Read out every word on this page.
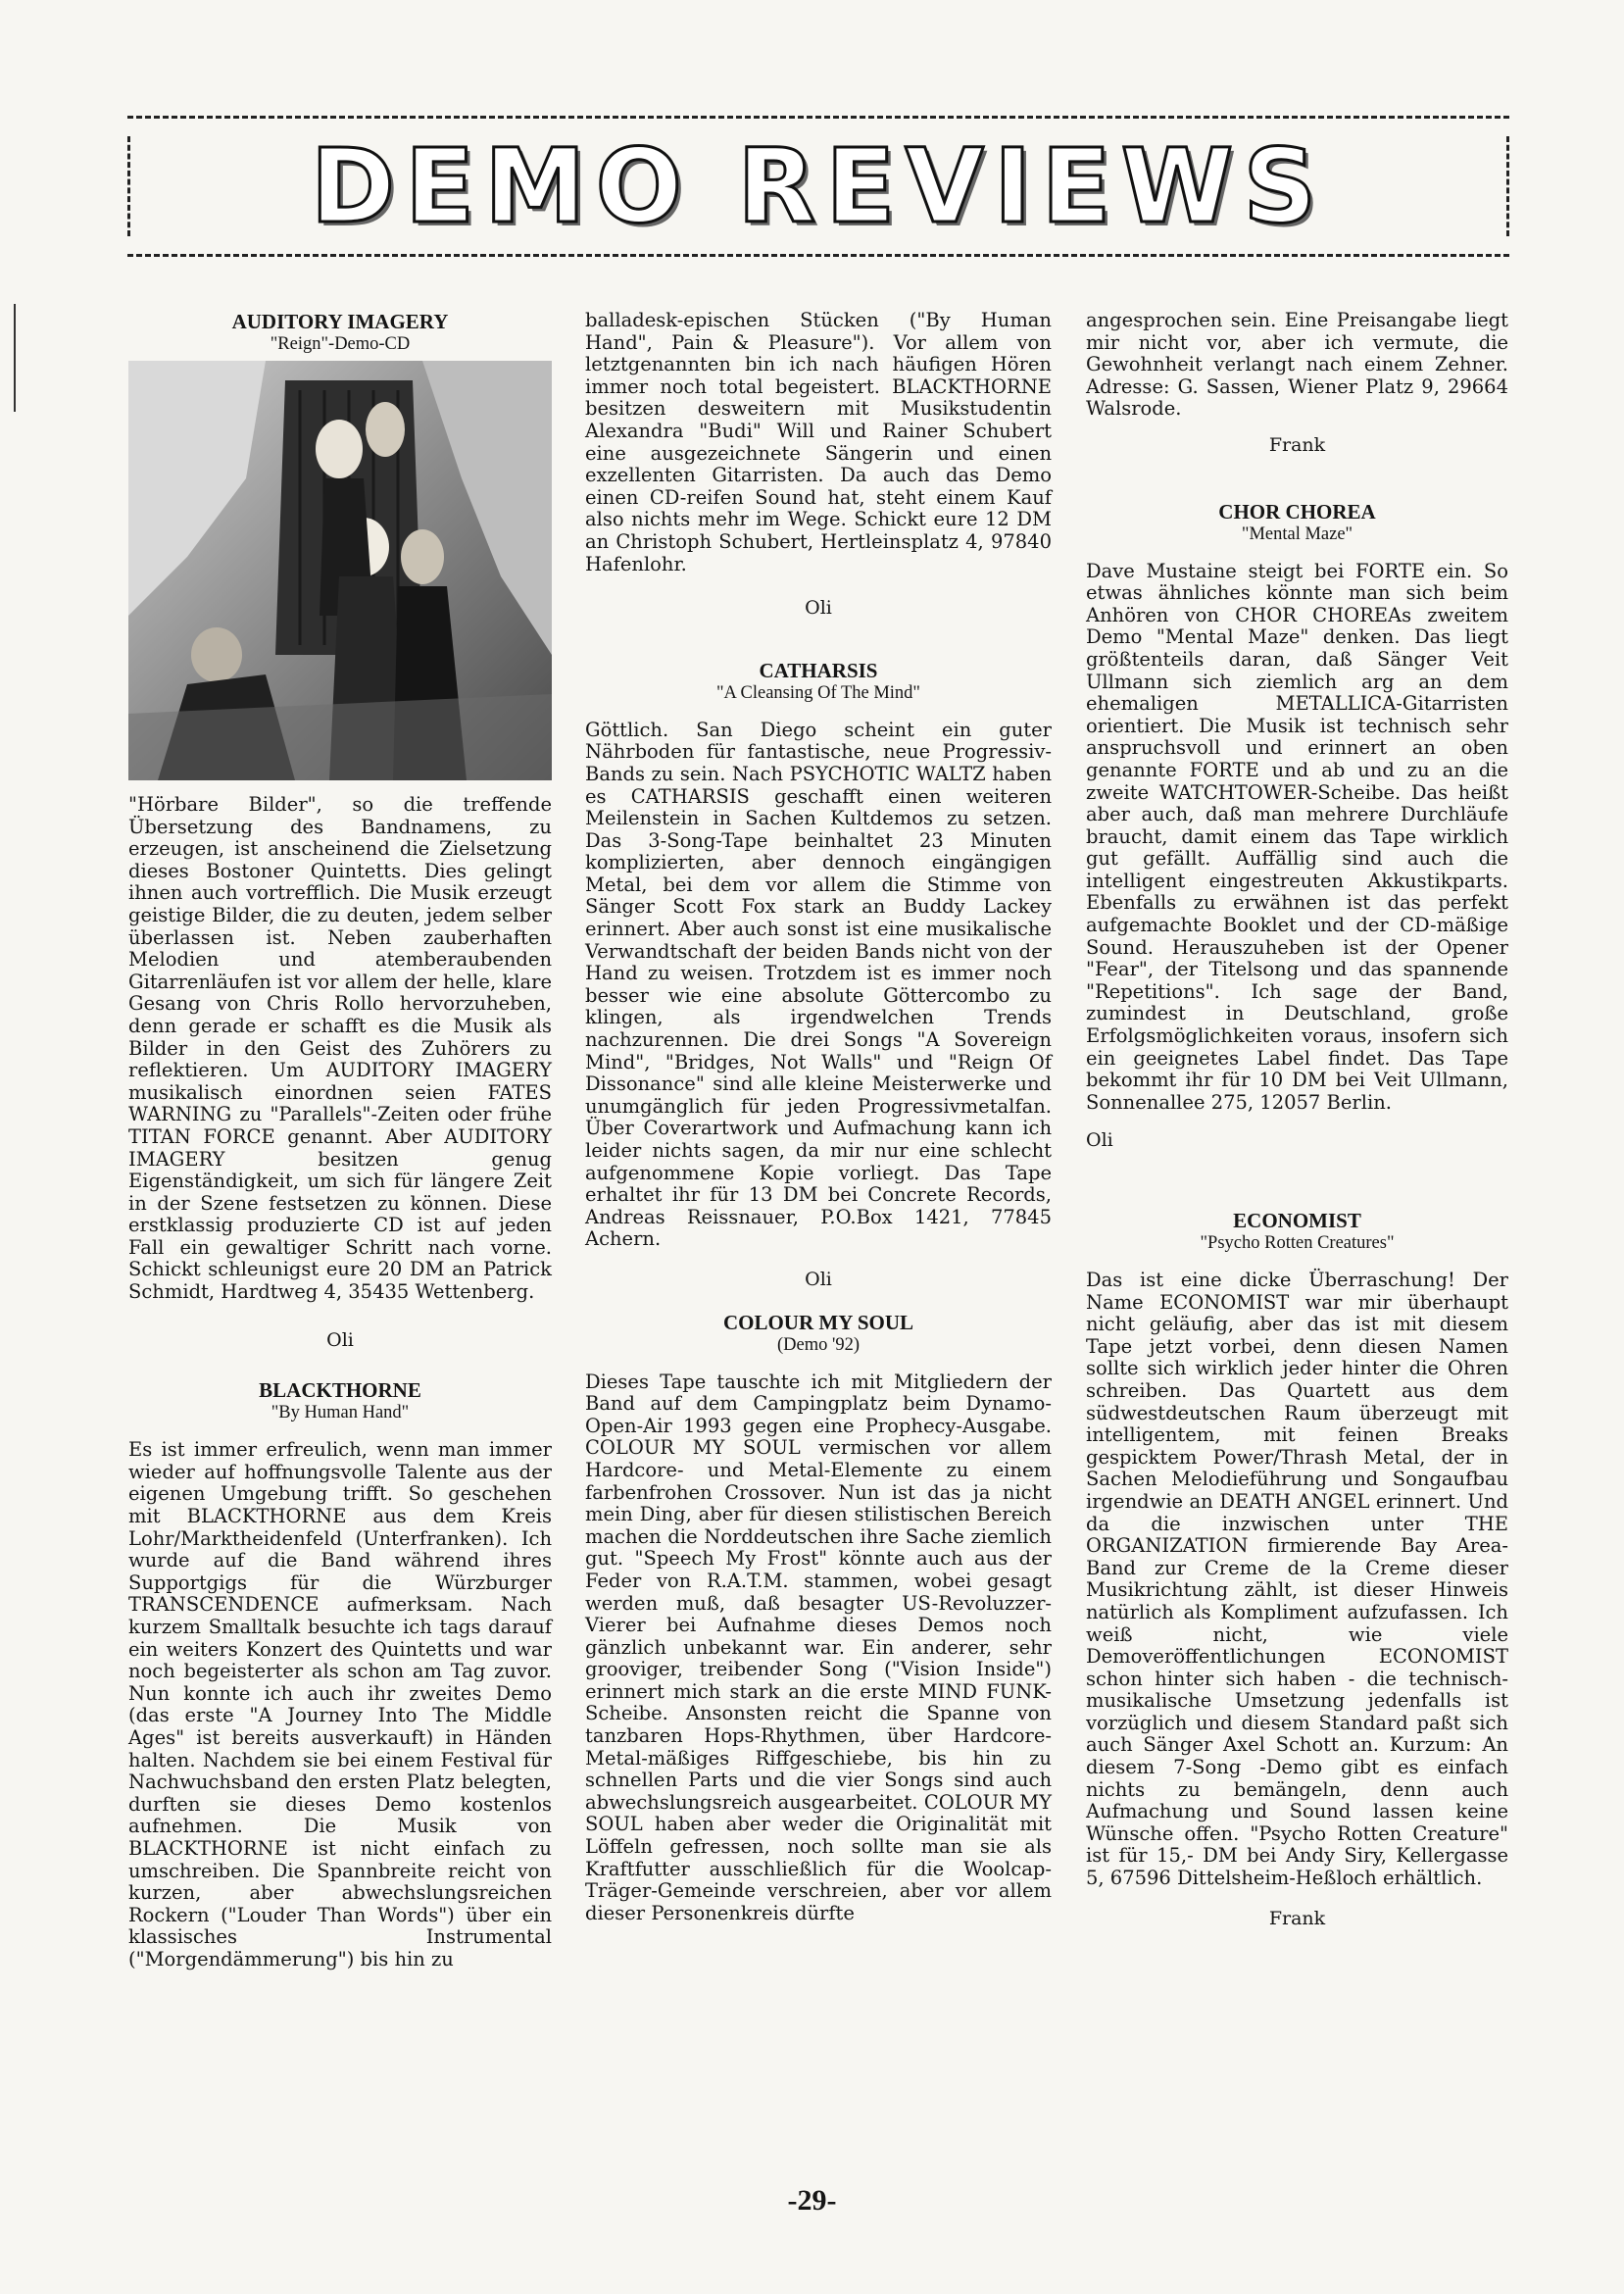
DEMO REVIEWS
AUDITORY IMAGERY
"Reign"-Demo-CD

"Hörbare Bilder", so die treffende Übersetzung des Bandnamens, zu erzeugen, ist anscheinend die Zielsetzung dieses Bostoner Quintetts. Dies gelingt ihnen auch vortrefflich. Die Musik erzeugt geistige Bilder, die zu deuten, jedem selber überlassen ist. Neben zauberhaften Melodien und atemberaubenden Gitarrenläufen ist vor allem der helle, klare Gesang von Chris Rollo hervorzuheben, denn gerade er schafft es die Musik als Bilder in den Geist des Zuhörers zu reflektieren. Um AUDITORY IMAGERY musikalisch einordnen seien FATES WARNING zu "Parallels"-Zeiten oder frühe TITAN FORCE genannt. Aber AUDITORY IMAGERY besitzen genug Eigenständigkeit, um sich für längere Zeit in der Szene festsetzen zu können. Diese erstklassig produzierte CD ist auf jeden Fall ein gewaltiger Schritt nach vorne. Schickt schleunigst eure 20 DM an Patrick Schmidt, Hardtweg 4, 35435 Wettenberg.

Oli
BLACKTHORNE
"By Human Hand"

Es ist immer erfreulich, wenn man immer wieder auf hoffnungsvolle Talente aus der eigenen Umgebung trifft. So geschehen mit BLACKTHORNE aus dem Kreis Lohr/Marktheidenfeld (Unterfranken). Ich wurde auf die Band während ihres Supportgigs für die Würzburger TRANSCENDENCE aufmerksam. Nach kurzem Smalltalk besuchte ich tags darauf ein weiters Konzert des Quintetts und war noch begeisterter als schon am Tag zuvor. Nun konnte ich auch ihr zweites Demo (das erste "A Journey Into The Middle Ages" ist bereits ausverkauft) in Händen halten. Nachdem sie bei einem Festival für Nachwuchsband den ersten Platz belegten, durften sie dieses Demo kostenlos aufnehmen. Die Musik von BLACKTHORNE ist nicht einfach zu umschreiben. Die Spannbreite reicht von kurzen, aber abwechslungsreichen Rockern ("Louder Than Words") über ein klassisches Instrumental ("Morgendämmerung") bis hin zu

balladesk-epischen Stücken ("By Human Hand", Pain & Pleasure"). Vor allem von letztgenannten bin ich nach häufigen Hören immer noch total begeistert. BLACKTHORNE besitzen desweitern mit Musikstudentin Alexandra "Budi" Will und Rainer Schubert eine ausgezeichnete Sängerin und einen exzellenten Gitarristen. Da auch das Demo einen CD-reifen Sound hat, steht einem Kauf also nichts mehr im Wege. Schickt eure 12 DM an Christoph Schubert, Hertleinsplatz 4, 97840 Hafenlohr.

Oli
CATHARSIS
"A Cleansing Of The Mind"

Göttlich. San Diego scheint ein guter Nährboden für fantastische, neue Progressiv-Bands zu sein. Nach PSYCHOTIC WALTZ haben es CATHARSIS geschafft einen weiteren Meilenstein in Sachen Kultdemos zu setzen. Das 3-Song-Tape beinhaltet 23 Minuten komplizierten, aber dennoch eingängigen Metal, bei dem vor allem die Stimme von Sänger Scott Fox stark an Buddy Lackey erinnert. Aber auch sonst ist eine musikalische Verwandtschaft der beiden Bands nicht von der Hand zu weisen. Trotzdem ist es immer noch besser wie eine absolute Göttercombo zu klingen, als irgendwelchen Trends nachzurennen. Die drei Songs "A Sovereign Mind", "Bridges, Not Walls" und "Reign Of Dissonance" sind alle kleine Meisterwerke und unumgänglich für jeden Progressivmetalfan. Über Coverartwork und Aufmachung kann ich leider nichts sagen, da mir nur eine schlecht aufgenommene Kopie vorliegt. Das Tape erhaltet ihr für 13 DM bei Concrete Records, Andreas Reissnauer, P.O.Box 1421, 77845 Achern.

Oli
COLOUR MY SOUL
(Demo '92)

Dieses Tape tauschte ich mit Mitgliedern der Band auf dem Campingplatz beim Dynamo-Open-Air 1993 gegen eine Prophecy-Ausgabe. COLOUR MY SOUL vermischen vor allem Hardcore- und Metal-Elemente zu einem farbenfrohen Crossover. Nun ist das ja nicht mein Ding, aber für diesen stilistischen Bereich machen die Norddeutschen ihre Sache ziemlich gut. "Speech My Frost" könnte auch aus der Feder von R.A.T.M. stammen, wobei gesagt werden muß, daß besagter US-Revoluzzer-Vierer bei Aufnahme dieses Demos noch gänzlich unbekannt war. Ein anderer, sehr grooviger, treibender Song ("Vision Inside") erinnert mich stark an die erste MIND FUNK-Scheibe. Ansonsten reicht die Spanne von tanzbaren Hops-Rhythmen, über Hardcore-Metal-mäßiges Riffgeschiebe, bis hin zu schnellen Parts und die vier Songs sind auch abwechslungsreich ausgearbeitet. COLOUR MY SOUL haben aber weder die Originalität mit Löffeln gefressen, noch sollte man sie als Kraftfutter ausschließlich für die Woolcap-Träger-Gemeinde verschreien, aber vor allem dieser Personenkreis dürfte

angesprochen sein. Eine Preisangabe liegt mir nicht vor, aber ich vermute, die Gewohnheit verlangt nach einem Zehner. Adresse: G. Sassen, Wiener Platz 9, 29664 Walsrode.

Frank
CHOR CHOREA
"Mental Maze"

Dave Mustaine steigt bei FORTE ein. So etwas ähnliches könnte man sich beim Anhören von CHOR CHOREAs zweitem Demo "Mental Maze" denken. Das liegt größtenteils daran, daß Sänger Veit Ullmann sich ziemlich arg an dem ehemaligen METALLICA-Gitarristen orientiert. Die Musik ist technisch sehr anspruchsvoll und erinnert an oben genannte FORTE und ab und zu an die zweite WATCHTOWER-Scheibe. Das heißt aber auch, daß man mehrere Durchläufe braucht, damit einem das Tape wirklich gut gefällt. Auffällig sind auch die intelligent eingestreuten Akkustikparts. Ebenfalls zu erwähnen ist das perfekt aufgemachte Booklet und der CD-mäßige Sound. Herauszuheben ist der Opener "Fear", der Titelsong und das spannende "Repetitions". Ich sage der Band, zumindest in Deutschland, große Erfolgsmöglichkeiten voraus, insofern sich ein geeignetes Label findet. Das Tape bekommt ihr für 10 DM bei Veit Ullmann, Sonnenallee 275, 12057 Berlin.

Oli
ECONOMIST
"Psycho Rotten Creatures"

Das ist eine dicke Überraschung! Der Name ECONOMIST war mir überhaupt nicht geläufig, aber das ist mit diesem Tape jetzt vorbei, denn diesen Namen sollte sich wirklich jeder hinter die Ohren schreiben. Das Quartett aus dem südwestdeutschen Raum überzeugt mit intelligentem, mit feinen Breaks gespicktem Power/Thrash Metal, der in Sachen Melodieführung und Songaufbau irgendwie an DEATH ANGEL erinnert. Und da die inzwischen unter THE ORGANIZATION firmierende Bay Area-Band zur Creme de la Creme dieser Musikrichtung zählt, ist dieser Hinweis natürlich als Kompliment aufzufassen. Ich weiß nicht, wie viele Demoveröffentlichungen ECONOMIST schon hinter sich haben - die technisch-musikalische Umsetzung jedenfalls ist vorzüglich und diesem Standard paßt sich auch Sänger Axel Schott an. Kurzum: An diesem 7-Song -Demo gibt es einfach nichts zu bemängeln, denn auch Aufmachung und Sound lassen keine Wünsche offen. "Psycho Rotten Creature" ist für 15,- DM bei Andy Siry, Kellergasse 5, 67596 Dittelsheim-Heßloch erhältlich.

Frank
-29-
